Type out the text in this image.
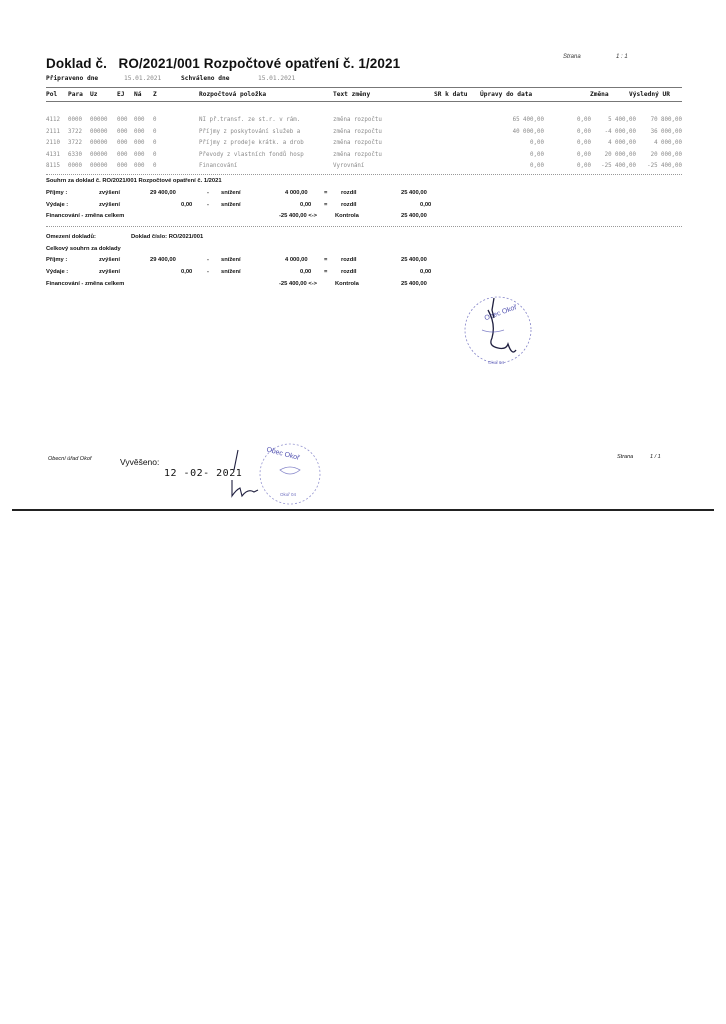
Doklad č. RO/2021/001 Rozpočtové opatření č. 1/2021	Strana	1 : 1
Připraveno dne	15.01.2021	Schváleno dne	15.01.2021
Pol Para Uz	EJ Ná Z	Rozpočtová položka	Text změny	SR k datu Úpravy do data	Změna	Výsledný UR
4112 0000 00000 000 000 0	NI př.transf. ze st.r. v rám.	změna rozpočtu	65 400,00	0,00	5 400,00	70 800,00
2111 3722 00000 000 000 0	Příjmy z poskytování služeb a	změna rozpočtu	40 000,00	0,00	-4 000,00	36 000,00
2110 3722 00000 000 000 0	Příjmy z prodeje krátk. a drob	změna rozpočtu	0,00	0,00	4 000,00	4 000,00
4131 6330 00000 000 000 0	Převody z vlastních fondů hosp	změna rozpočtu	0,00	0,00	20 000,00	20 000,00
8115 0000 00000 000 000 0	Financování	Vyrovnání	0,00	0,00	-25 400,00	-25 400,00
Souhrn za doklad č. RO/2021/001 Rozpočtové opatření č. 1/2021
Příjmy :	zvýšení	29 400,00	- snížení	4 000,00	= rozdíl	25 400,00
Výdaje :	zvýšení	0,00	- snížení	0,00 = rozdíl	0,00
Financování - změna celkem	-25 400,00 <->	Kontrola	25 400,00
Omezení dokladů:	Doklad číslo: RO/2021/001
Celkový souhrn za doklady
Příjmy :	zvýšení	29 400,00	- snížení	4 000,00	= rozdíl	25 400,00
Výdaje :	zvýšení	0,00	- snížení	0,00 = rozdíl	0,00
Financování - změna celkem	-25 400,00 <->	Kontrola	25 400,00
Obec Okoř
Okoř 04
Obecní úřad Okoř	Vyvěšeno:
12 -02- 2021
Obec Okoř
Okoř 04
Strana	1 / 1
